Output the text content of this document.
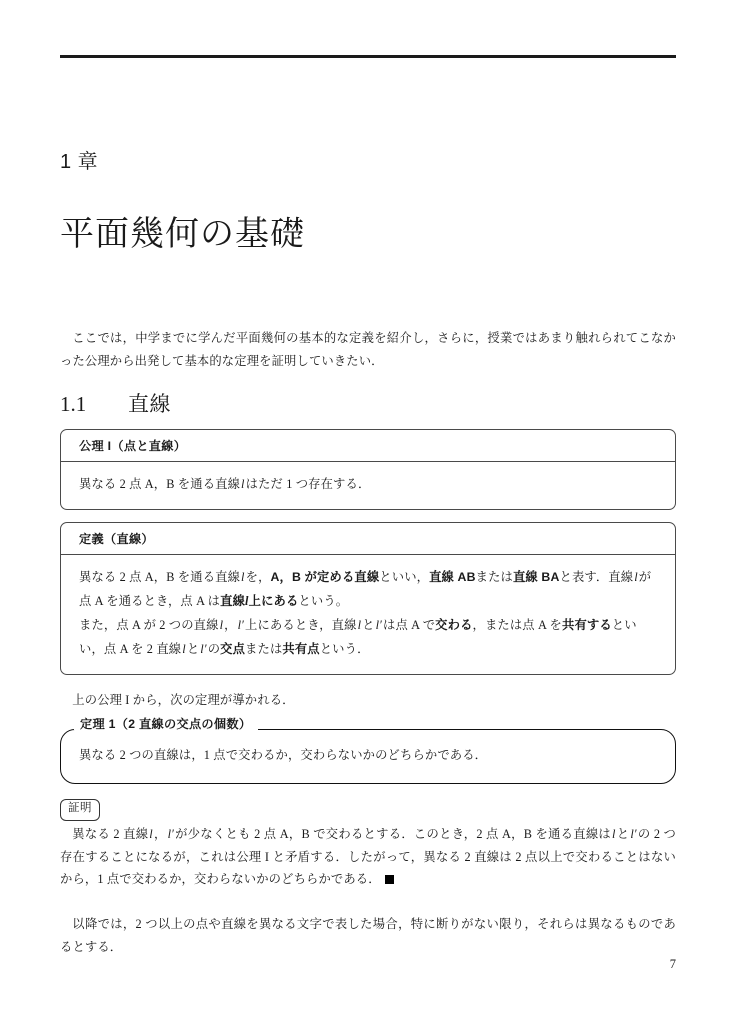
1 章
平面幾何の基礎

ここでは，中学までに学んだ平面幾何の基本的な定義を紹介し，さらに，授業ではあまり触れられてこなかった公理から出発して基本的な定理を証明していきたい．

1.1	直線
公理 I（点と直線）
異なる 2 点 A，B を通る直線lはただ 1 つ存在する．
定義（直線）
異なる 2 点 A，B を通る直線lを，A，B が定める直線といい，直線 ABまたは直線 BAと表す．直線lが点 A を通るとき，点 A は直線l上にあるという。
また，点 A が 2 つの直線l，l′上にあるとき，直線lとl′は点 A で交わる，または点 A を共有するといい，点 A を 2 直線lとl′の交点または共有点という．

上の公理 I から，次の定理が導かれる．

定理 1（2 直線の交点の個数）
異なる 2 つの直線は，1 点で交わるか，交わらないかのどちらかである．
証明

異なる 2 直線l，l′が少なくとも 2 点 A，B で交わるとする．このとき，2 点 A，B を通る直線はlとl′の 2 つ存在することになるが，これは公理 I と矛盾する．したがって，異なる 2 直線は 2 点以上で交わることはないから，1 点で交わるか，交わらないかのどちらかである．

以降では，2 つ以上の点や直線を異なる文字で表した場合，特に断りがない限り，それらは異なるものであるとする．

7
